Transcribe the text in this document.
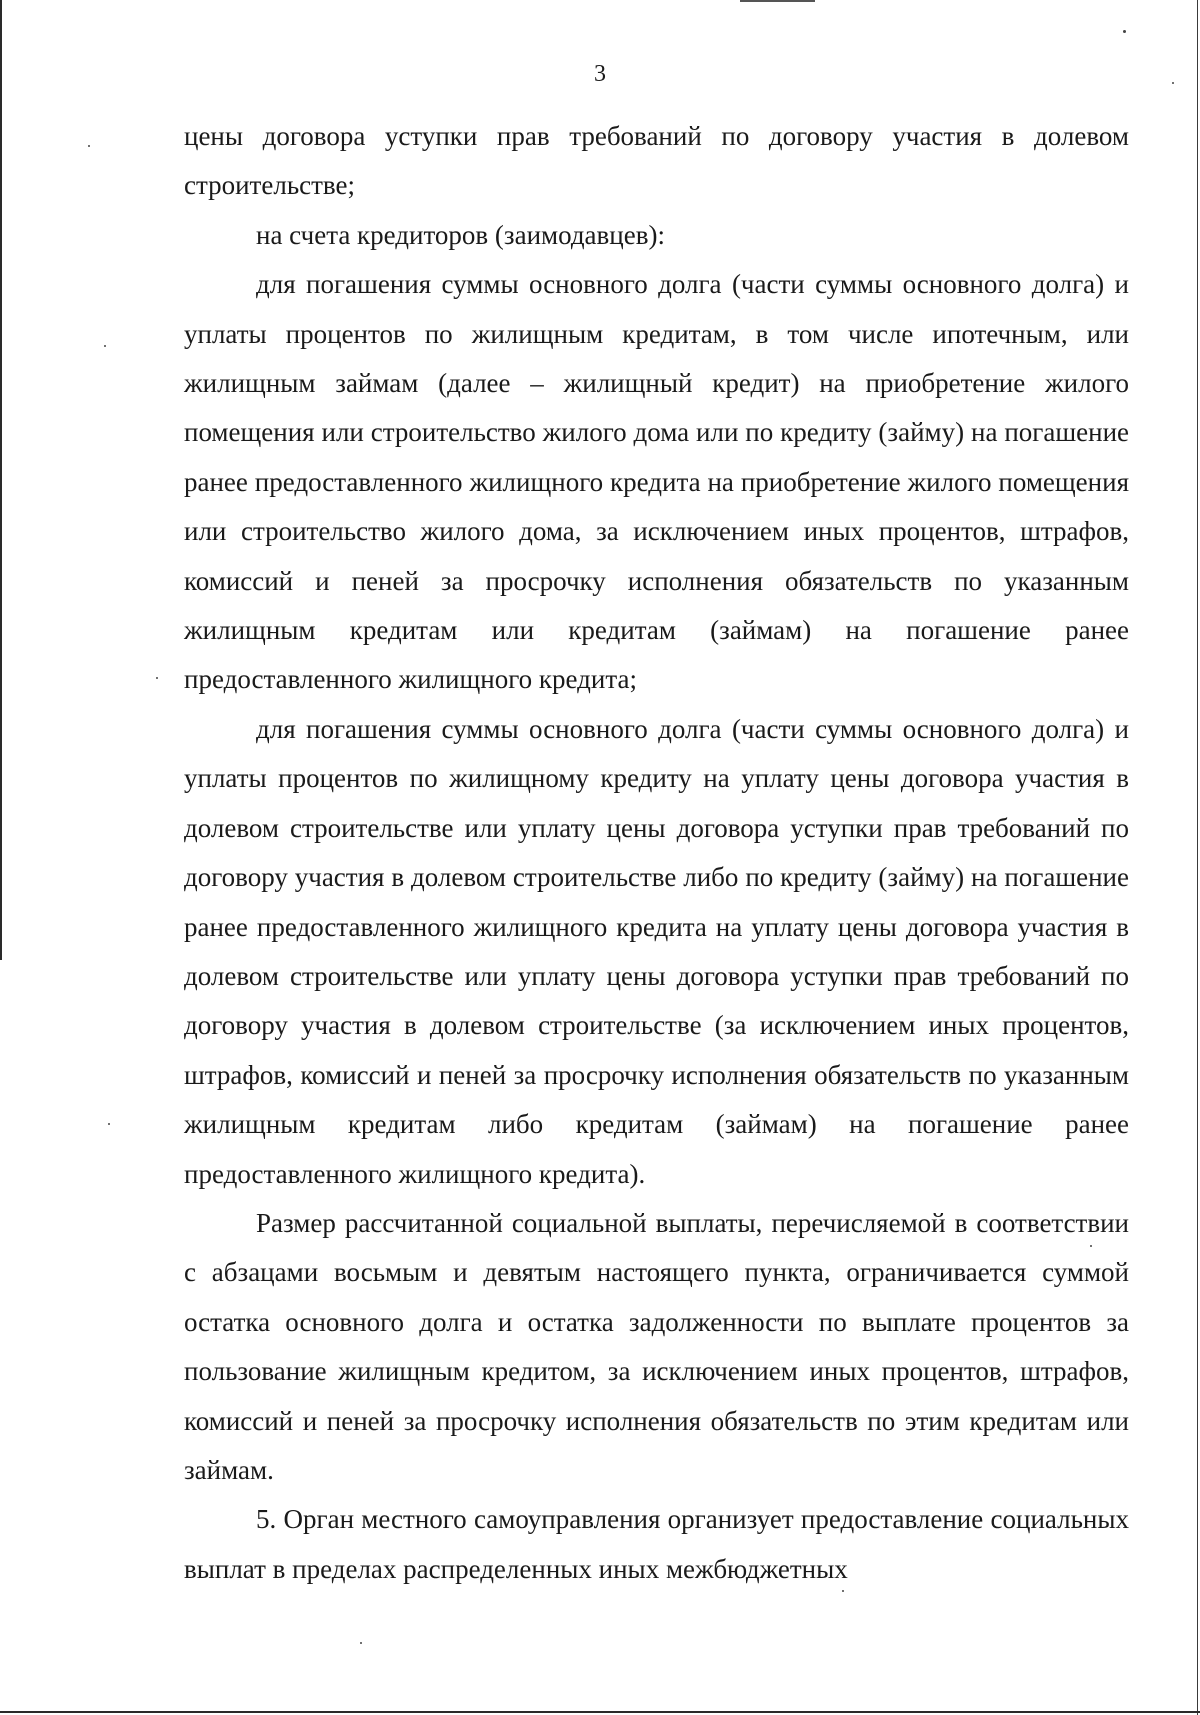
3

цены договора уступки прав требований по договору участия в долевом строительстве;

на счета кредиторов (заимодавцев):

для погашения суммы основного долга (части суммы основного долга) и уплаты процентов по жилищным кредитам, в том числе ипотечным, или жилищным займам (далее – жилищный кредит) на приобретение жилого помещения или строительство жилого дома или по кредиту (займу) на погашение ранее предоставленного жилищного кредита на приобретение жилого помещения или строительство жилого дома, за исключением иных процентов, штрафов, комиссий и пеней за просрочку исполнения обязательств по указанным жилищным кредитам или кредитам (займам) на погашение ранее предоставленного жилищного кредита;

для погашения суммы основного долга (части суммы основного долга) и уплаты процентов по жилищному кредиту на уплату цены договора участия в долевом строительстве или уплату цены договора уступки прав требований по договору участия в долевом строительстве либо по кредиту (займу) на погашение ранее предоставленного жилищного кредита на уплату цены договора участия в долевом строительстве или уплату цены договора уступки прав требований по договору участия в долевом строительстве (за исключением иных процентов, штрафов, комиссий и пеней за просрочку исполнения обязательств по указанным жилищным кредитам либо кредитам (займам) на погашение ранее предоставленного жилищного кредита).

Размер рассчитанной социальной выплаты, перечисляемой в соответствии с абзацами восьмым и девятым настоящего пункта, ограничивается суммой остатка основного долга и остатка задолженности по выплате процентов за пользование жилищным кредитом, за исключением иных процентов, штрафов, комиссий и пеней за просрочку исполнения обязательств по этим кредитам или займам.

5. Орган местного самоуправления организует предоставление социальных выплат в пределах распределенных иных межбюджетных
